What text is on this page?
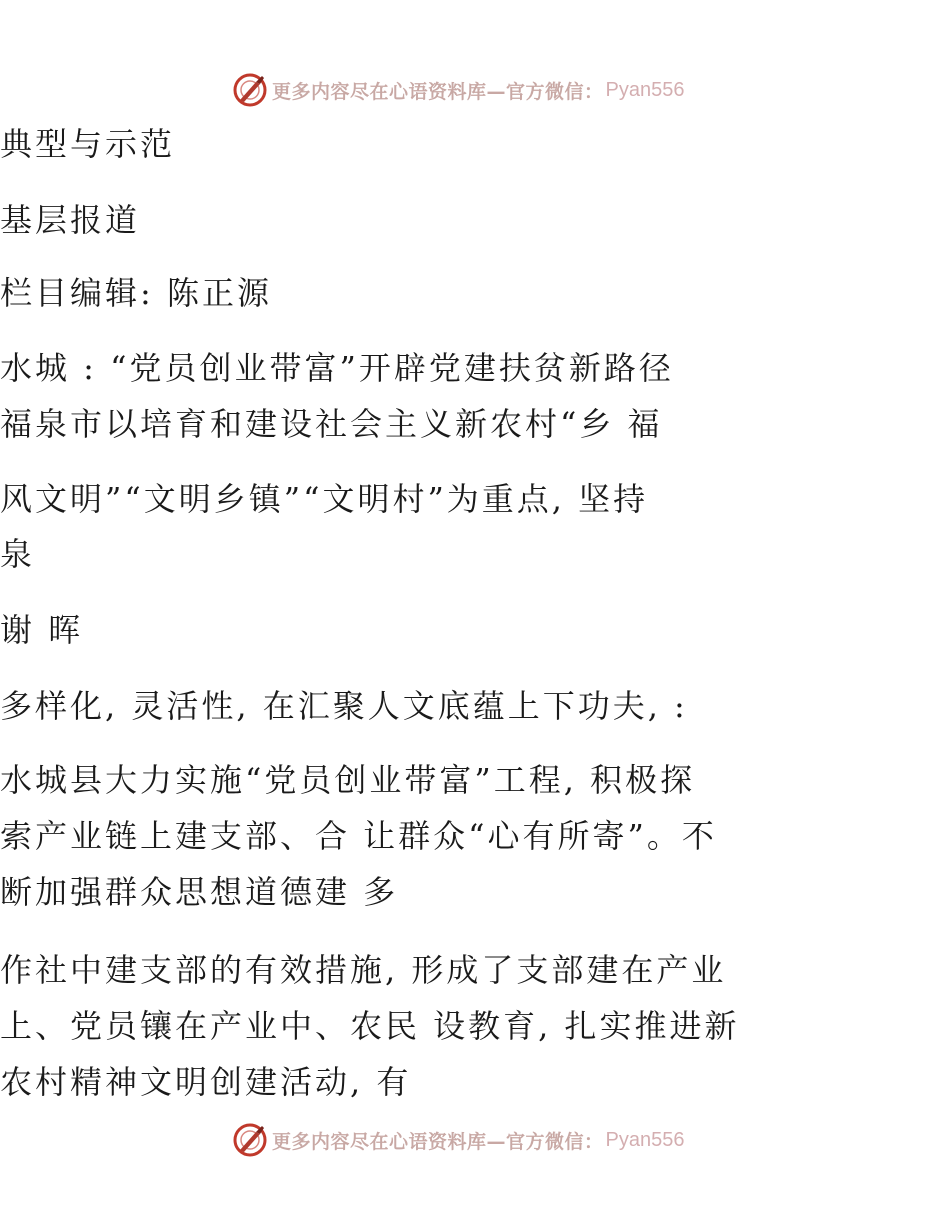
更多内容尽在心语资料库—官方微信： Pyan556
典型与示范
基层报道
栏目编辑: 陈正源
水城 : “党员创业带富”开辟党建扶贫新路径
福泉市以培育和建设社会主义新农村“乡 福
风文明”“文明乡镇”“文明村”为重点, 坚持
泉
谢 晖
多样化, 灵活性, 在汇聚人文底蕴上下功夫, :
水城县大力实施“党员创业带富”工程, 积极探
索产业链上建支部、合 让群众“心有所寄”。不
断加强群众思想道德建 多
作社中建支部的有效措施, 形成了支部建在产业
上、党员镶在产业中、农民 设教育, 扎实推进新
农村精神文明创建活动, 有
更多内容尽在心语资料库—官方微信： Pyan556
